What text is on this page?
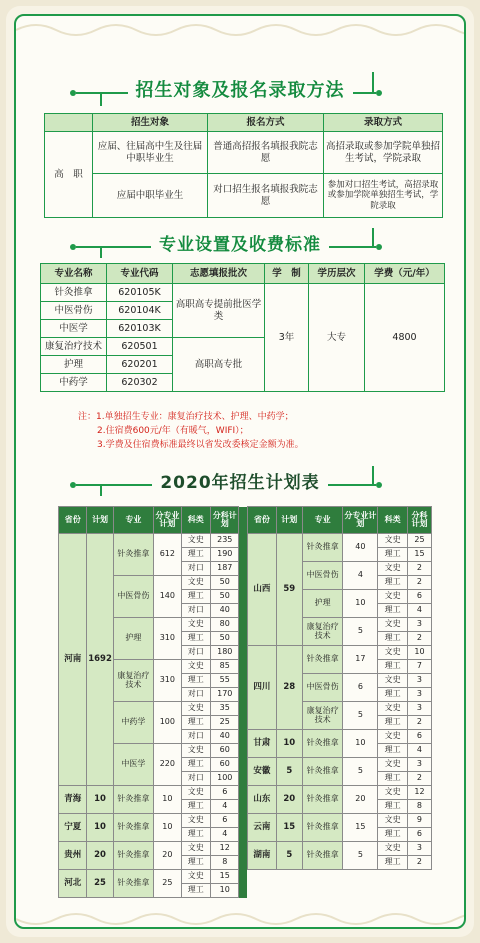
招生对象及报名录取方法
	招生对象	报名方式	录取方式
高　职	应届、往届高中生及往届中职毕业生	普通高招报名填报我院志愿	高招录取或参加学院单独招生考试，学院录取
	应届中职毕业生	对口招生报名填报我院志愿	参加对口招生考试，高招录取或参加学院单独招生考试，学院录取
专业设置及收费标准
专业名称	专业代码	志愿填报批次	学　制	学历层次	学费（元/年）
针灸推拿	620105K	高职高专提前批医学类	3年	大专	4800
中医骨伤	620104K				
中医学	620103K				
康复治疗技术	620501	高职高专批			
护理	620201				
中药学	620302				
注：1.单独招生专业：康复治疗技术、护理、中药学；
2.住宿费600元/年（有暖气，WIFI）；
3.学费及住宿费标准最终以省发改委核定金额为准。
2020年招生计划表
省份	计划	专业	分专业计划	科类	分科计划		省份	计划	专业	分专业计划	科类	分科计划
河南	1692	针灸推拿	612	文史	235		山西	59	针灸推拿	40	文史	25
				理工	190						理工	15
				对口	187				中医骨伤	4	文史	2
		中医骨伤	140	文史	50						理工	2
				理工	50				护理	10	文史	6
				对口	40						理工	4
		护理	310	文史	80				康复治疗技术	5	文史	3
				理工	50						理工	2
				对口	180		四川	28	针灸推拿	17	文史	10
		康复治疗技术	310	文史	85						理工	7
				理工	55				中医骨伤	6	文史	3
				对口	170						理工	3
		中药学	100	文史	35				康复治疗技术	5	文史	3
				理工	25						理工	2
				对口	40		甘肃	10	针灸推拿	10	文史	6
		中医学	220	文史	60						理工	4
				理工	60		安徽	5	针灸推拿	5	文史	3
				对口	100						理工	2
青海	10	针灸推拿	10	文史	6		山东	20	针灸推拿	20	文史	12
				理工	4						理工	8
宁夏	10	针灸推拿	10	文史	6		云南	15	针灸推拿	15	文史	9
				理工	4						理工	6
贵州	20	针灸推拿	20	文史	12		湖南	5	针灸推拿	5	文史	3
				理工	8						理工	2
河北	25	针灸推拿	25	文史	15							
				理工	10							
